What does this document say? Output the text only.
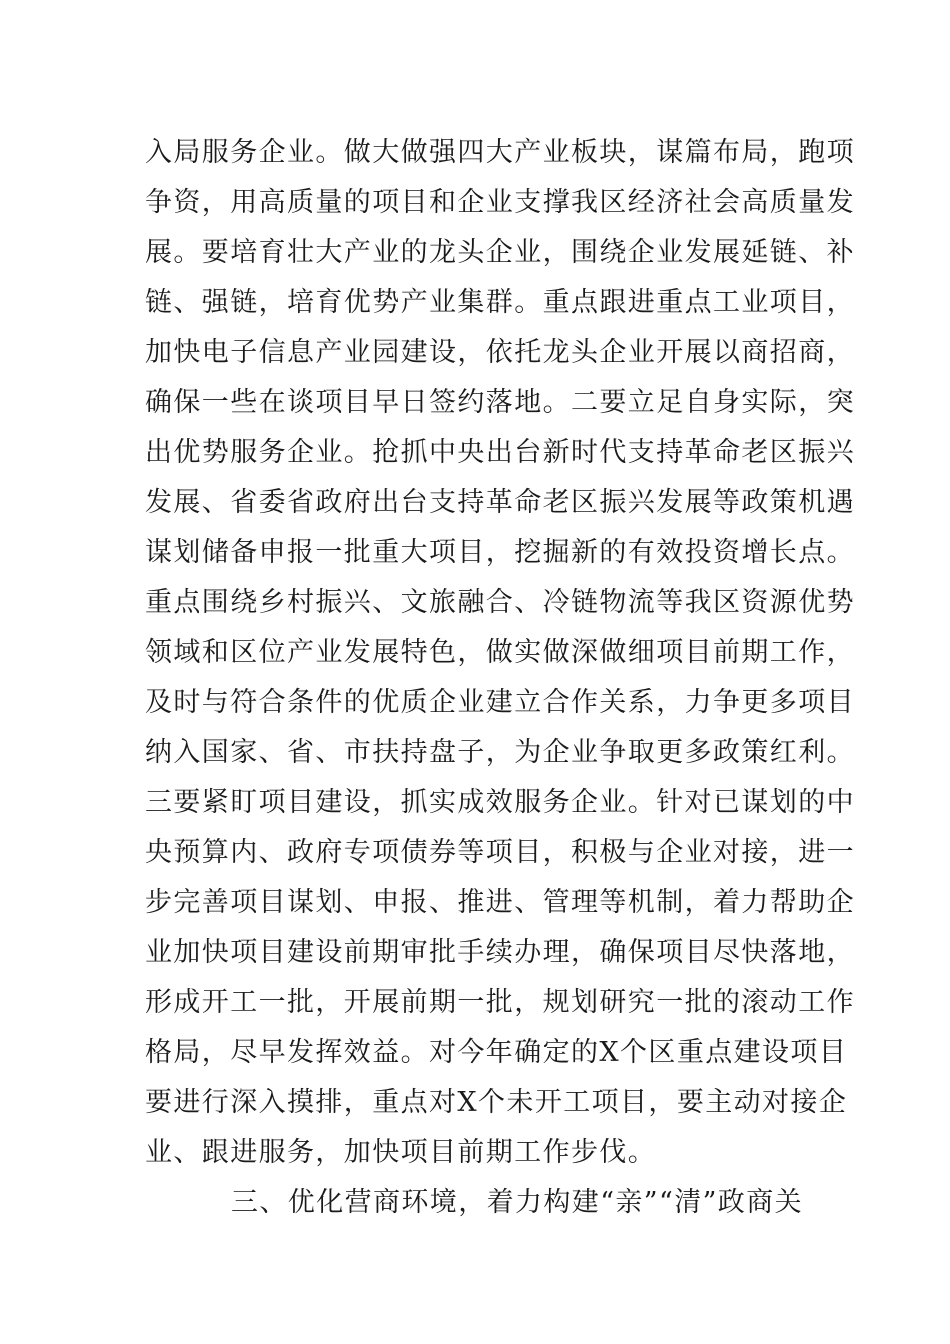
入局服务企业。做大做强四大产业板块，谋篇布局，跑项
争资，用高质量的项目和企业支撑我区经济社会高质量发
展。要培育壮大产业的龙头企业，围绕企业发展延链、补
链、强链，培育优势产业集群。重点跟进重点工业项目，
加快电子信息产业园建设，依托龙头企业开展以商招商，
确保一些在谈项目早日签约落地。二要立足自身实际，突
出优势服务企业。抢抓中央出台新时代支持革命老区振兴
发展、省委省政府出台支持革命老区振兴发展等政策机遇
谋划储备申报一批重大项目，挖掘新的有效投资增长点。
重点围绕乡村振兴、文旅融合、冷链物流等我区资源优势
领域和区位产业发展特色，做实做深做细项目前期工作，
及时与符合条件的优质企业建立合作关系，力争更多项目
纳入国家、省、市扶持盘子，为企业争取更多政策红利。
三要紧盯项目建设，抓实成效服务企业。针对已谋划的中
央预算内、政府专项债券等项目，积极与企业对接，进一
步完善项目谋划、申报、推进、管理等机制，着力帮助企
业加快项目建设前期审批手续办理，确保项目尽快落地，
形成开工一批，开展前期一批，规划研究一批的滚动工作
格局，尽早发挥效益。对今年确定的X个区重点建设项目
要进行深入摸排，重点对X个未开工项目，要主动对接企
业、跟进服务，加快项目前期工作步伐。
三、优化营商环境，着力构建“亲”“清”政商关
